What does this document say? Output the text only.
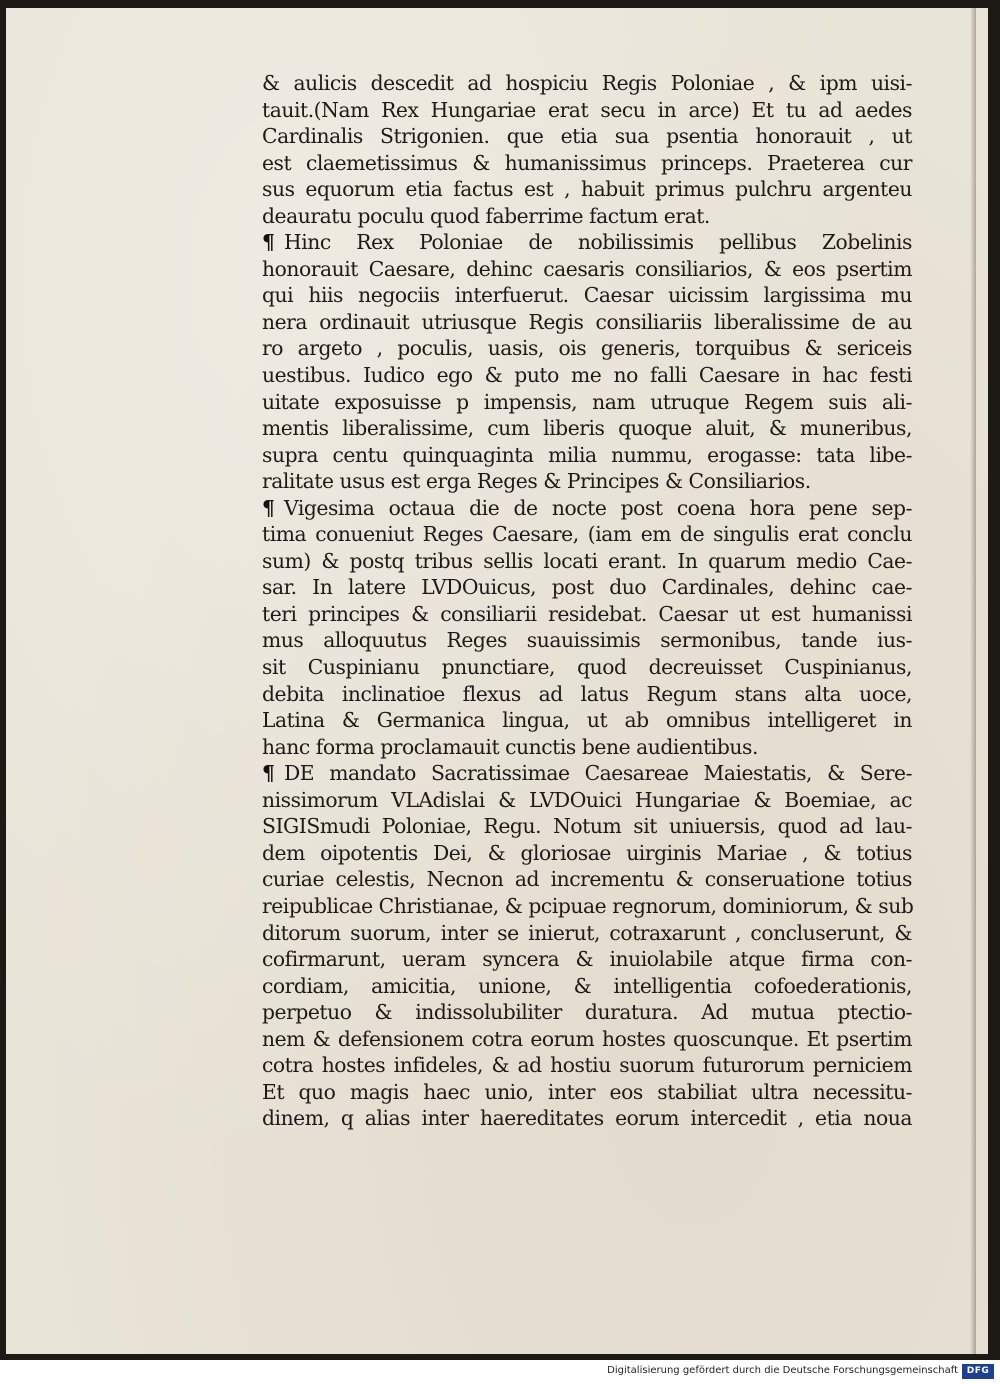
& aulicis descedit ad hospiciu Regis Poloniae , & ipm uisi-
tauit.(Nam Rex Hungariae erat secu in arce) Et tu ad aedes
Cardinalis Strigonien. que etia sua psentia honorauit , ut
est claemetissimus & humanissimus princeps. Praeterea cur
sus equorum etia factus est , habuit primus pulchru argenteu
deauratu poculu quod faberrime factum erat.
¶ Hinc Rex Poloniae de nobilissimis pellibus Zobelinis
honorauit Caesare, dehinc caesaris consiliarios, & eos psertim
qui hiis negociis interfuerut. Caesar uicissim largissima mu
nera ordinauit utriusque Regis consiliariis liberalissime de au
ro argeto , poculis, uasis, ois generis, torquibus & sericeis
uestibus. Iudico ego & puto me no falli Caesare in hac festi
uitate exposuisse p impensis, nam utruque Regem suis ali-
mentis liberalissime, cum liberis quoque aluit, & muneribus,
supra centu quinquaginta milia nummu, erogasse: tata libe-
ralitate usus est erga Reges & Principes & Consiliarios.
¶ Vigesima octaua die de nocte post coena hora pene sep-
tima conueniut Reges Caesare, (iam em de singulis erat conclu
sum) & postq tribus sellis locati erant. In quarum medio Cae-
sar. In latere LVDOuicus, post duo Cardinales, dehinc cae-
teri principes & consiliarii residebat. Caesar ut est humanissi
mus alloquutus Reges suauissimis sermonibus, tande ius-
sit Cuspinianu pnunctiare, quod decreuisset Cuspinianus,
debita inclinatioe flexus ad latus Regum stans alta uoce,
Latina & Germanica lingua, ut ab omnibus intelligeret in
hanc forma proclamauit cunctis bene audientibus.
¶ DE mandato Sacratissimae Caesareae Maiestatis, & Sere-
nissimorum VLAdislai & LVDOuici Hungariae & Boemiae, ac
SIGISmudi Poloniae, Regu. Notum sit uniuersis, quod ad lau-
dem oipotentis Dei, & gloriosae uirginis Mariae , & totius
curiae celestis, Necnon ad incrementu & conseruatione totius
reipublicae Christianae, & pcipuae regnorum, dominiorum, & sub
ditorum suorum, inter se inierut, cotraxarunt , concluserunt, &
cofirmarunt, ueram syncera & inuiolabile atque firma con-
cordiam, amicitia, unione, & intelligentia cofoederationis,
perpetuo & indissolubiliter duratura. Ad mutua ptectio-
nem & defensionem cotra eorum hostes quoscunque. Et psertim
cotra hostes infideles, & ad hostiu suorum futurorum perniciem
Et quo magis haec unio, inter eos stabiliat ultra necessitu-
dinem, q alias inter haereditates eorum intercedit , etia noua
Digitalisierung gefördert durch die Deutsche Forschungsgemeinschaft DFG
